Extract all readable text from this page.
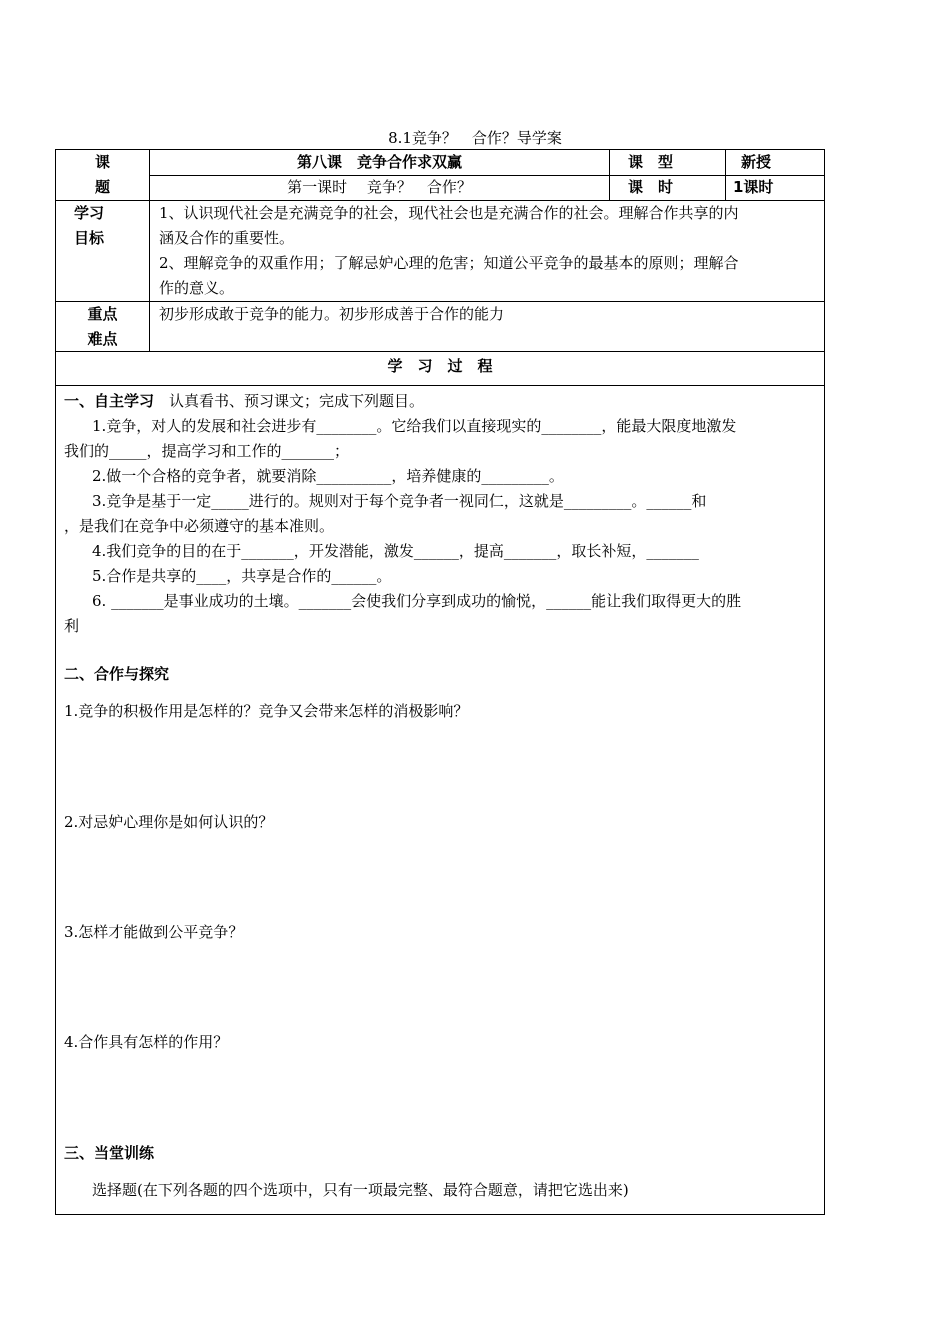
8.1竞争？　合作？导学案
课
题
第八课　竞争合作求双赢
第一课时　 竞争？　合作？
课　型	新授
课　时	1课时
学习
目标
1、认识现代社会是充满竞争的社会，现代社会也是充满合作的社会。理解合作共享的内
涵及合作的重要性。
2、理解竞争的双重作用；了解忌妒心理的危害；知道公平竞争的最基本的原则；理解合
作的意义。
重点
难点
初步形成敢于竞争的能力。初步形成善于合作的能力
学　习　过　程
一、自主学习　认真看书、预习课文；完成下列题目。
1.竞争，对人的发展和社会进步有________。它给我们以直接现实的________，能最大限度地激发
我们的_____，提高学习和工作的_______；
2.做一个合格的竞争者，就要消除__________，培养健康的_________。
3.竞争是基于一定_____进行的。规则对于每个竞争者一视同仁，这就是_________。______和
，是我们在竞争中必须遵守的基本准则。
4.我们竞争的目的在于_______，开发潜能，激发______，提高_______，取长补短，_______
5.合作是共享的____，共享是合作的______。
6. _______是事业成功的土壤。_______会使我们分享到成功的愉悦，______能让我们取得更大的胜
利
二、合作与探究
1.竞争的积极作用是怎样的？竞争又会带来怎样的消极影响？
2.对忌妒心理你是如何认识的？
3.怎样才能做到公平竞争？
4.合作具有怎样的作用？
三、当堂训练
选择题(在下列各题的四个选项中，只有一项最完整、最符合题意，请把它选出来)
